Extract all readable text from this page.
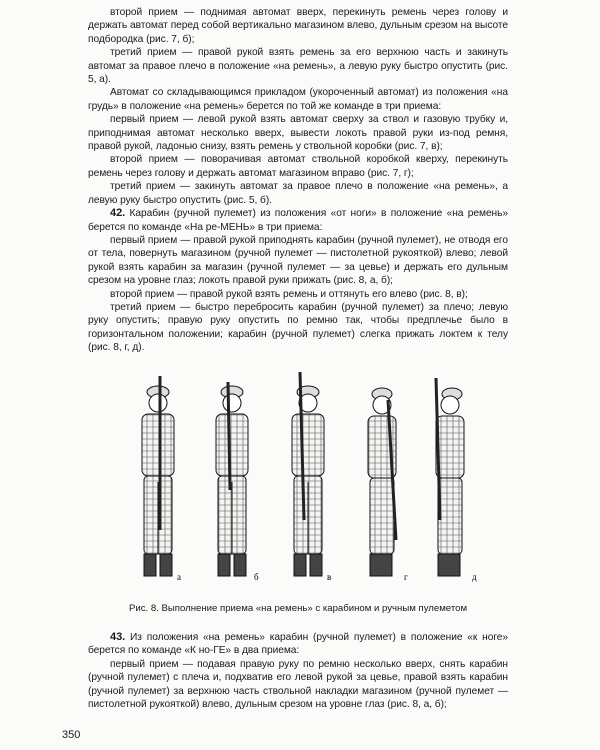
второй прием — поднимая автомат вверх, перекинуть ремень через голову и держать автомат перед собой вертикально магазином влево, дульным срезом на высоте подбородка (рис. 7, б);

третий прием — правой рукой взять ремень за его верхнюю часть и закинуть автомат за правое плечо в положение «на ремень», а левую руку быстро опустить (рис. 5, а).

Автомат со складывающимся прикладом (укороченный автомат) из положения «на грудь» в положение «на ремень» берется по той же команде в три приема:

первый прием — левой рукой взять автомат сверху за ствол и газовую трубку и, приподнимая автомат несколько вверх, вывести локоть правой руки из-под ремня, правой рукой, ладонью снизу, взять ремень у ствольной коробки (рис. 7, в);

второй прием — поворачивая автомат ствольной коробкой кверху, перекинуть ремень через голову и держать автомат магазином вправо (рис. 7, г);

третий прием — закинуть автомат за правое плечо в положение «на ремень», а левую руку быстро опустить (рис. 5, б).

42. Карабин (ручной пулемет) из положения «от ноги» в положение «на ремень» берется по команде «На ре-МЕНЬ» в три приема:

первый прием — правой рукой приподнять карабин (ручной пулемет), не отводя его от тела, повернуть магазином (ручной пулемет — пистолетной рукояткой) влево; левой рукой взять карабин за магазин (ручной пулемет — за цевье) и держать его дульным срезом на уровне глаз; локоть правой руки прижать (рис. 8, а, б);

второй прием — правой рукой взять ремень и оттянуть его влево (рис. 8, в);

третий прием — быстро перебросить карабин (ручной пулемет) за плечо; левую руку опустить; правую руку опустить по ремню так, чтобы предплечье было в горизонтальном положении; карабин (ручной пулемет) слегка прижать локтем к телу (рис. 8, г, д).

а	б	в	г	д
Рис. 8. Выполнение приема «на ремень» с карабином и ручным пулеметом

43. Из положения «на ремень» карабин (ручной пулемет) в положение «к ноге» берется по команде «К но-ГЕ» в два приема:

первый прием — подавая правую руку по ремню несколько вверх, снять карабин (ручной пулемет) с плеча и, подхватив его левой рукой за цевье, правой взять карабин (ручной пулемет) за верхнюю часть ствольной накладки магазином (ручной пулемет — пистолетной рукояткой) влево, дульным срезом на уровне глаз (рис. 8, а, б);

350
